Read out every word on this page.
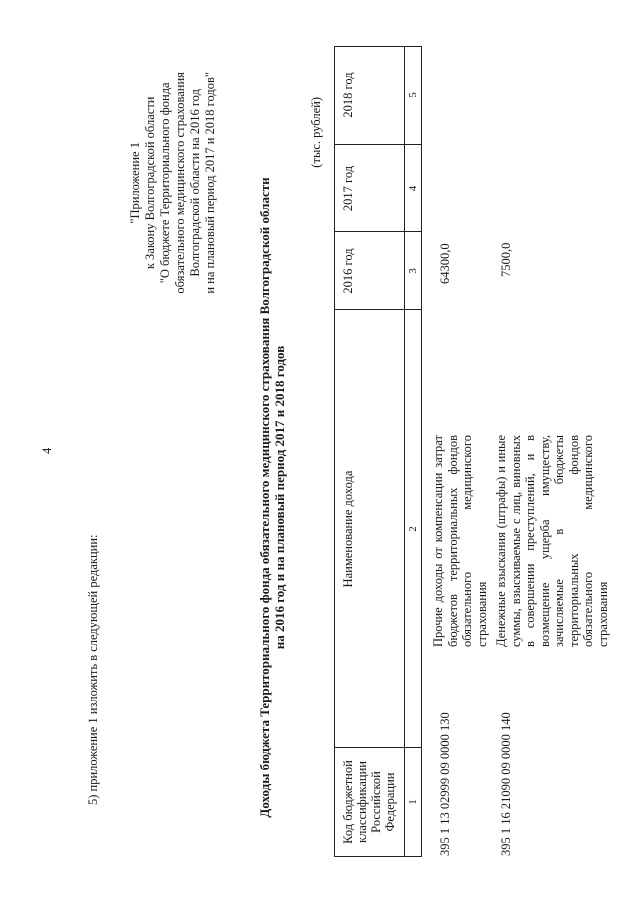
4
5) приложение 1 изложить в следующей редакции:
"Приложение 1 к Закону Волгоградской области "О бюджете Территориального фонда обязательного медицинского страхования Волгоградской области на 2016 год и на плановый период 2017 и 2018 годов"	Доходы бюджета Территориального фонда обязательного медицинского страхования Волгоградской области на 2016 год и на плановый период 2017 и 2018 годов
(тыс. рублей)
Код бюджетной классификации Российской Федерации
Наименование дохода
2016 год
2017 год
2018 год
1
2
3
4
5
395 1 13 02999 09 0000 130
Прочие доходы от компенсации затрат бюджетов территориальных фондов обязательного медицинского страхования
64300,0
395 1 16 21090 09 0000 140
Денежные взыскания (штрафы) и иные суммы, взыскиваемые с лиц, виновных в совершении преступлений, и в возмещение ущерба имуществу, зачисляемые в бюджеты территориальных фондов обязательного медицинского страхования
7500,0
